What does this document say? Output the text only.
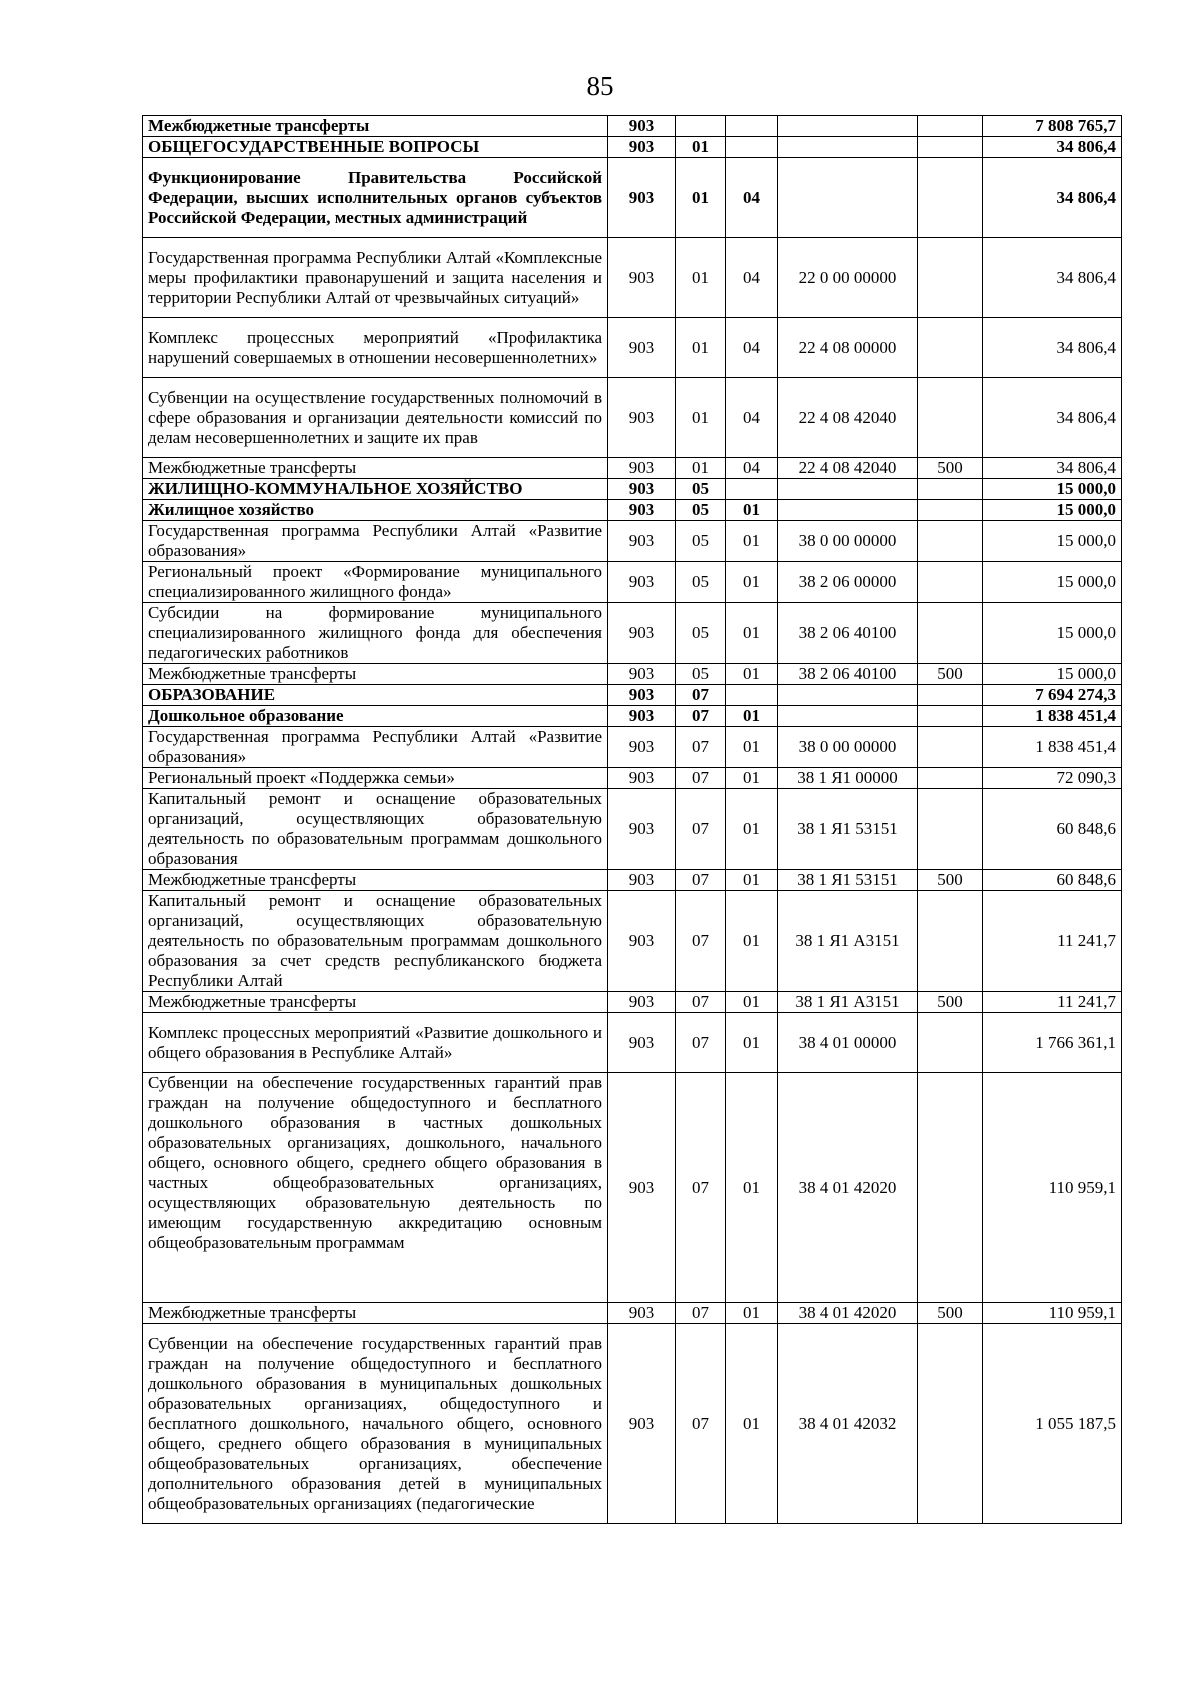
85
Межбюджетные трансферты	903					7 808 765,7
ОБЩЕГОСУДАРСТВЕННЫЕ ВОПРОСЫ	903	01				34 806,4
Функционирование Правительства Российской Федерации, высших исполнительных органов субъектов Российской Федерации, местных администраций	903	01	04			34 806,4
Государственная программа Республики Алтай «Комплексные меры профилактики правонарушений и защита населения и территории Республики Алтай от чрезвычайных ситуаций»	903	01	04	22 0 00 00000		34 806,4
Комплекс процессных мероприятий «Профилактика нарушений совершаемых в отношении несовершеннолетних»	903	01	04	22 4 08 00000		34 806,4
Субвенции на осуществление государственных полномочий в сфере образования и организации деятельности комиссий по делам несовершеннолетних и защите их прав	903	01	04	22 4 08 42040		34 806,4
Межбюджетные трансферты	903	01	04	22 4 08 42040	500	34 806,4
ЖИЛИЩНО-КОММУНАЛЬНОЕ ХОЗЯЙСТВО	903	05				15 000,0
Жилищное хозяйство	903	05	01			15 000,0
Государственная программа Республики Алтай «Развитие образования»	903	05	01	38 0 00 00000		15 000,0
Региональный проект «Формирование муниципального специализированного жилищного фонда»	903	05	01	38 2 06 00000		15 000,0
Субсидии на формирование муниципального специализированного жилищного фонда для обеспечения педагогических работников	903	05	01	38 2 06 40100		15 000,0
Межбюджетные трансферты	903	05	01	38 2 06 40100	500	15 000,0
ОБРАЗОВАНИЕ	903	07				7 694 274,3
Дошкольное образование	903	07	01			1 838 451,4
Государственная программа Республики Алтай «Развитие образования»	903	07	01	38 0 00 00000		1 838 451,4
Региональный проект «Поддержка семьи»	903	07	01	38 1 Я1 00000		72 090,3
Капитальный ремонт и оснащение образовательных организаций, осуществляющих образовательную деятельность по образовательным программам дошкольного образования	903	07	01	38 1 Я1 53151		60 848,6
Межбюджетные трансферты	903	07	01	38 1 Я1 53151	500	60 848,6
Капитальный ремонт и оснащение образовательных организаций, осуществляющих образовательную деятельность по образовательным программам дошкольного образования за счет средств республиканского бюджета Республики Алтай	903	07	01	38 1 Я1 А3151		11 241,7
Межбюджетные трансферты	903	07	01	38 1 Я1 А3151	500	11 241,7
Комплекс процессных мероприятий «Развитие дошкольного и общего образования в Республике Алтай»	903	07	01	38 4 01 00000		1 766 361,1
Субвенции на обеспечение государственных гарантий прав граждан на получение общедоступного и бесплатного дошкольного образования в частных дошкольных образовательных организациях, дошкольного, начального общего, основного общего, среднего общего образования в частных общеобразовательных организациях, осуществляющих образовательную деятельность по имеющим государственную аккредитацию основным общеобразовательным программам	903	07	01	38 4 01 42020		110 959,1
Межбюджетные трансферты	903	07	01	38 4 01 42020	500	110 959,1
Субвенции на обеспечение государственных гарантий прав граждан на получение общедоступного и бесплатного дошкольного образования в муниципальных дошкольных образовательных организациях, общедоступного и бесплатного дошкольного, начального общего, основного общего, среднего общего образования в муниципальных общеобразовательных организациях, обеспечение дополнительного образования детей в муниципальных общеобразовательных организациях (педагогические	903	07	01	38 4 01 42032		1 055 187,5
